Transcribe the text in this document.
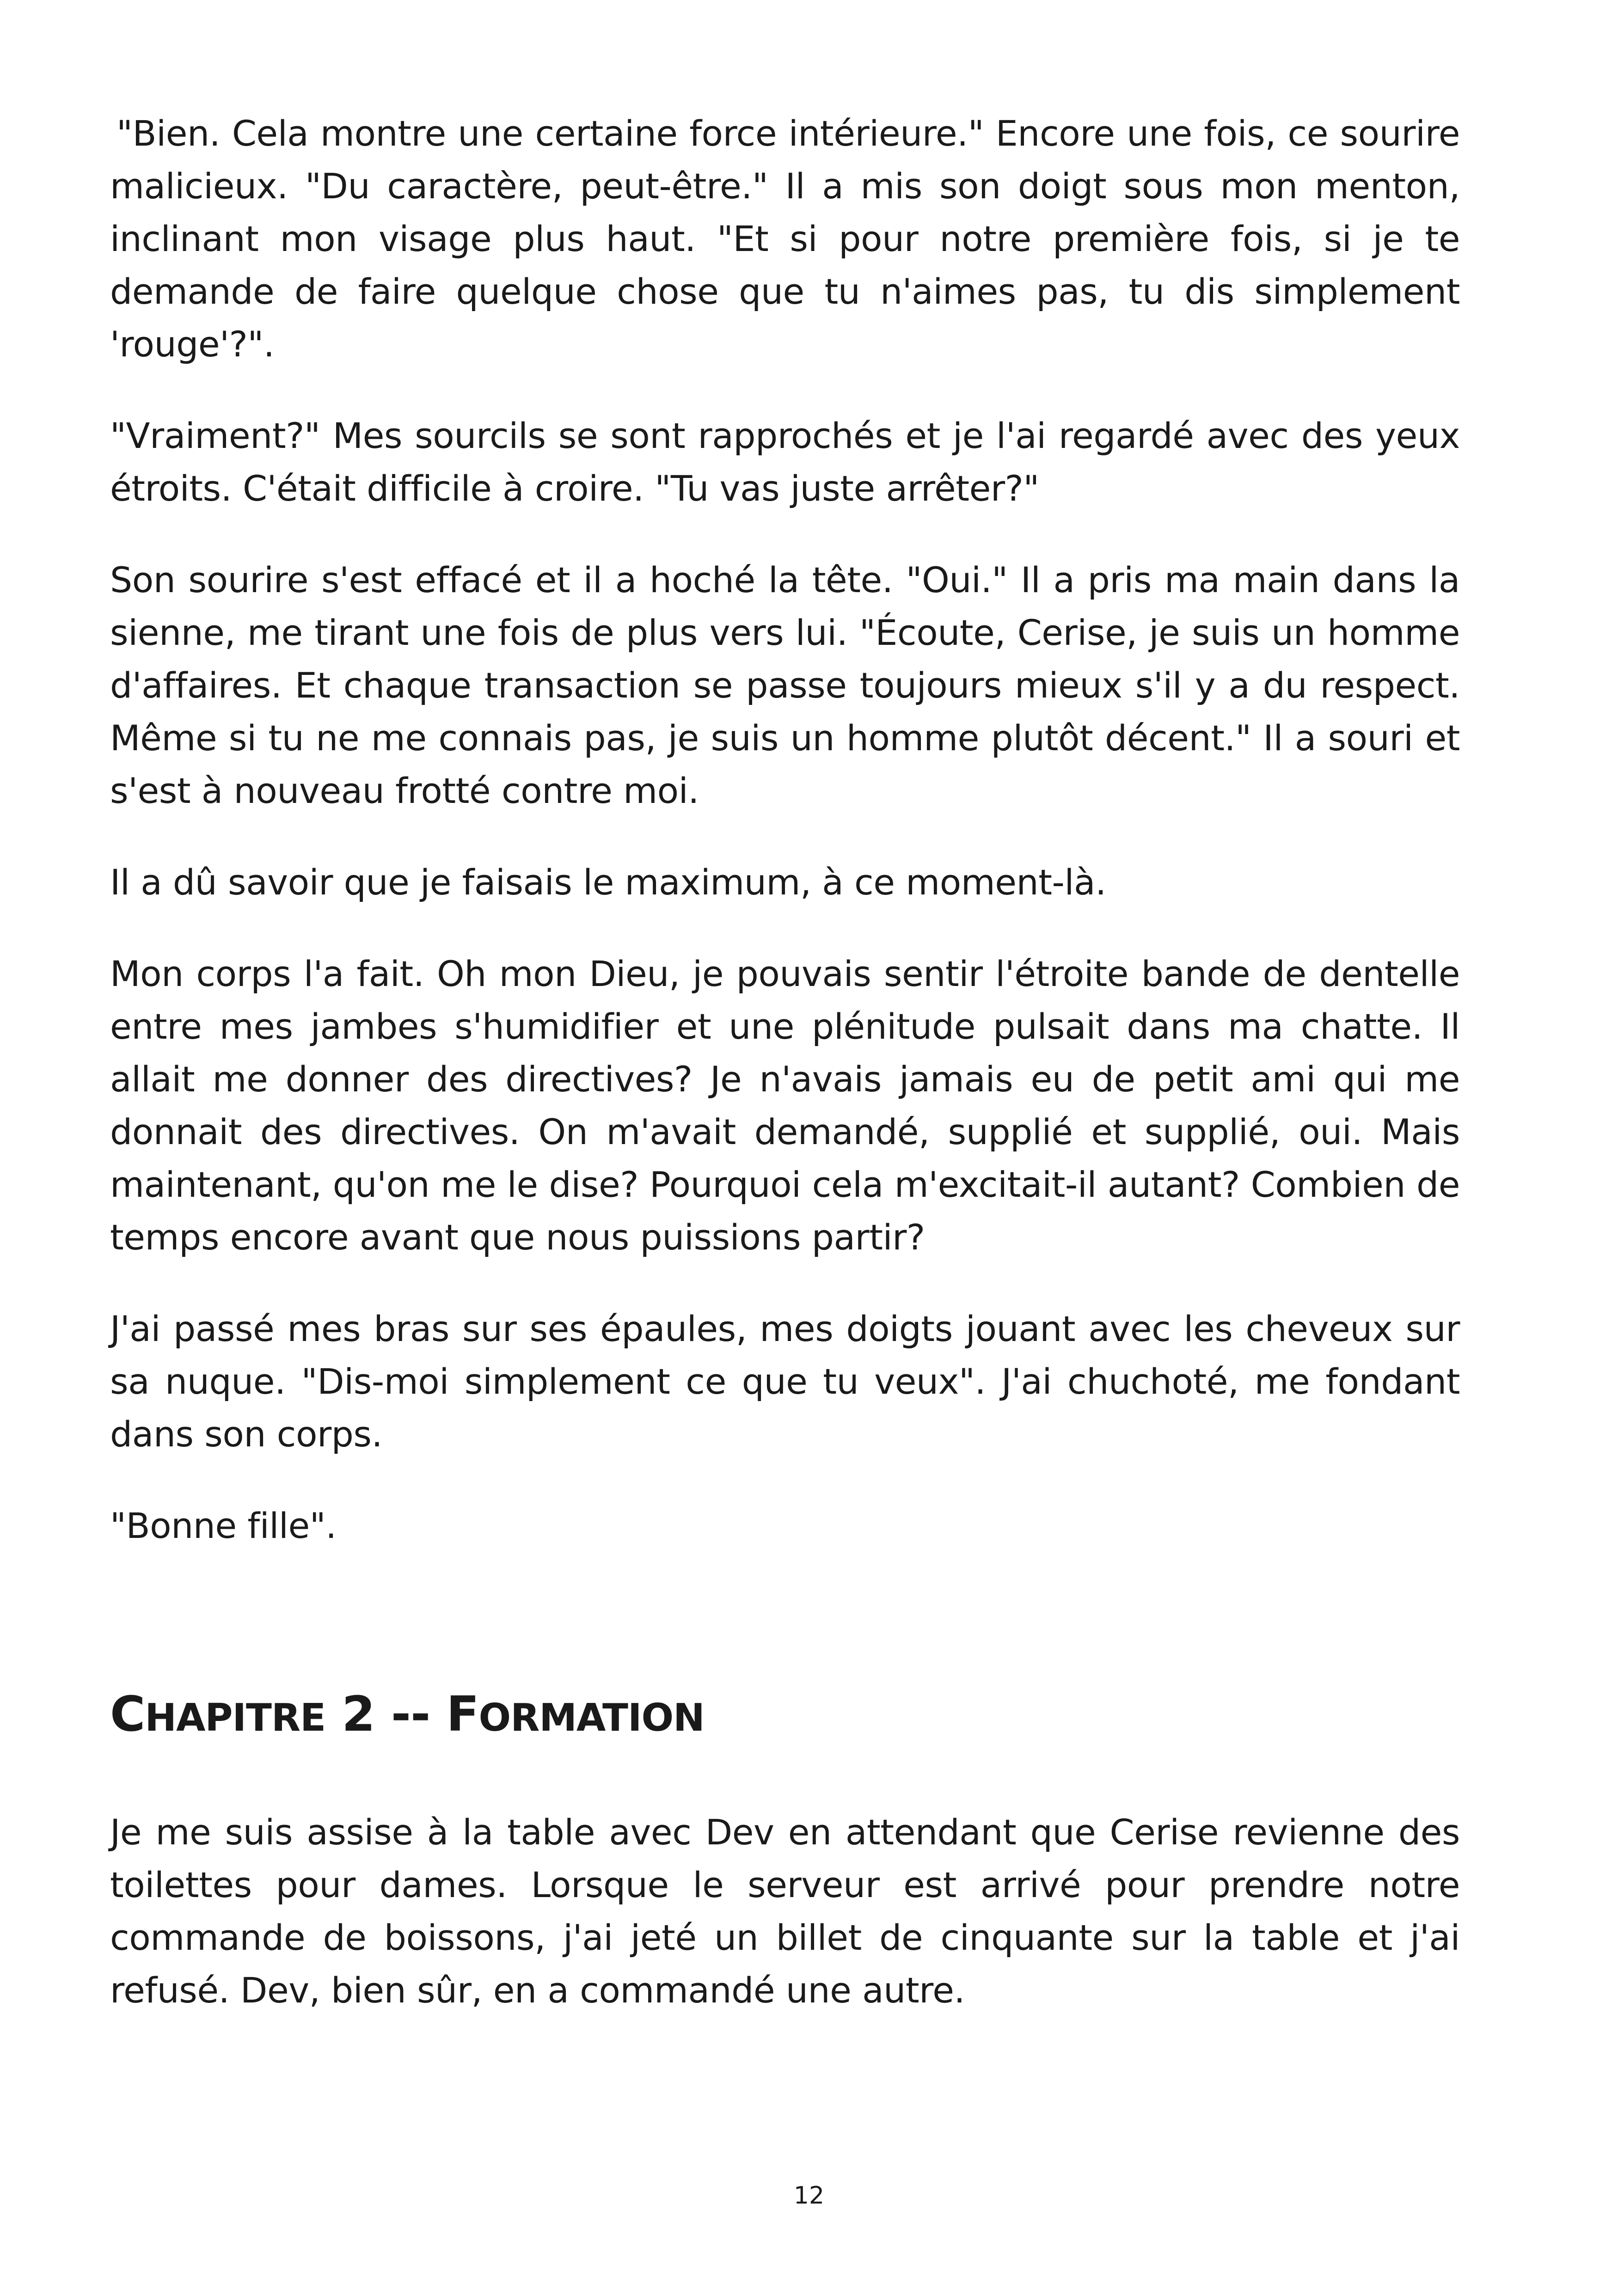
"Bien. Cela montre une certaine force intérieure." Encore une fois, ce sourire malicieux. "Du caractère, peut-être." Il a mis son doigt sous mon menton, inclinant mon visage plus haut. "Et si pour notre première fois, si je te demande de faire quelque chose que tu n'aimes pas, tu dis simplement 'rouge'?".

"Vraiment?" Mes sourcils se sont rapprochés et je l'ai regardé avec des yeux étroits. C'était difficile à croire. "Tu vas juste arrêter?"

Son sourire s'est effacé et il a hoché la tête. "Oui." Il a pris ma main dans la sienne, me tirant une fois de plus vers lui. "Écoute, Cerise, je suis un homme d'affaires. Et chaque transaction se passe toujours mieux s'il y a du respect. Même si tu ne me connais pas, je suis un homme plutôt décent." Il a souri et s'est à nouveau frotté contre moi.

Il a dû savoir que je faisais le maximum, à ce moment-là.

Mon corps l'a fait. Oh mon Dieu, je pouvais sentir l'étroite bande de dentelle entre mes jambes s'humidifier et une plénitude pulsait dans ma chatte. Il allait me donner des directives? Je n'avais jamais eu de petit ami qui me donnait des directives. On m'avait demandé, supplié et supplié, oui. Mais maintenant, qu'on me le dise? Pourquoi cela m'excitait-il autant? Combien de temps encore avant que nous puissions partir?

J'ai passé mes bras sur ses épaules, mes doigts jouant avec les cheveux sur sa nuque. "Dis-moi simplement ce que tu veux". J'ai chuchoté, me fondant dans son corps.

"Bonne fille".

CHAPITRE 2 -- FORMATION

Je me suis assise à la table avec Dev en attendant que Cerise revienne des toilettes pour dames. Lorsque le serveur est arrivé pour prendre notre commande de boissons, j'ai jeté un billet de cinquante sur la table et j'ai refusé. Dev, bien sûr, en a commandé une autre.

12
